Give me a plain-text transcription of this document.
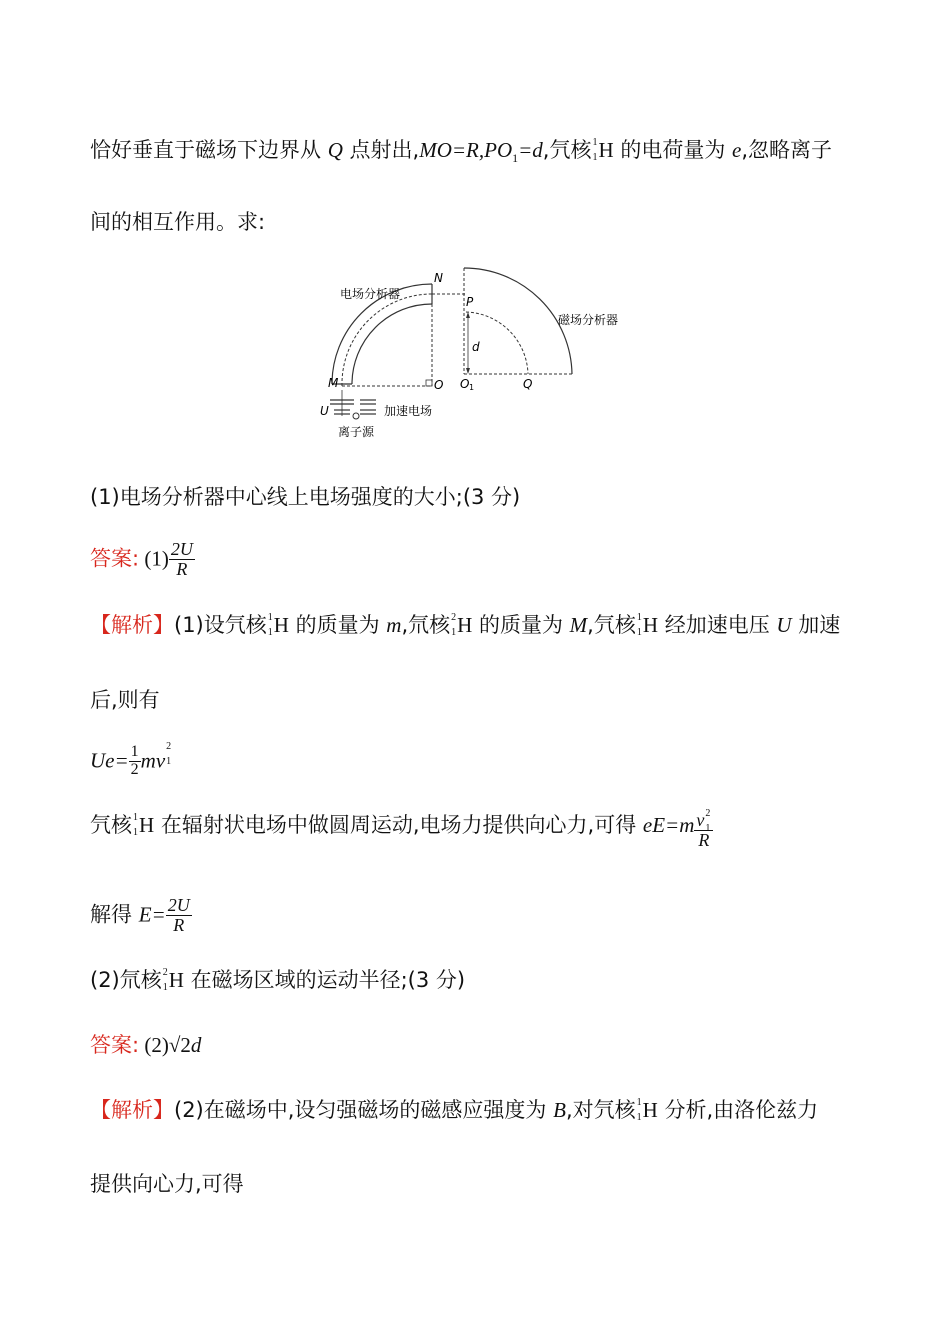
恰好垂直于磁场下边界从 Q 点射出$,MO=R,PO_1=d$,氕核 1
1 H 的电荷量为 e,忽略离子
间的相互作用。求:
电场分析器
磁场分析器
M
N
O
P
O 1	Q
d
U	加速电场
离子源
(1)电场分析器中心线上电场强度的大小;(3 分)
答案: $(1) \frac{2U}{R}$
【解析】(1)设氕核 1
1 H 的质量为 m,氘核 2
1 H 的质量为 M,氕核 1
1 H 经加速电压 U 加速
后,则有
$Ue= \frac{1}{2}$ mv
2
1
氕核 1
1 H 在辐射状电场中做圆周运动,电场力提供向心力,可得 eE=m v 2
1
R
解得 $E= \frac{2U}{R}$
(2)氘核 2
1 H 在磁场区域的运动半径;(3 分)
答案: (2)√2d
【解析】(2)在磁场中,设匀强磁场的磁感应强度为 B,对氕核 1
1 H 分析,由洛伦兹力
提供向心力,可得
